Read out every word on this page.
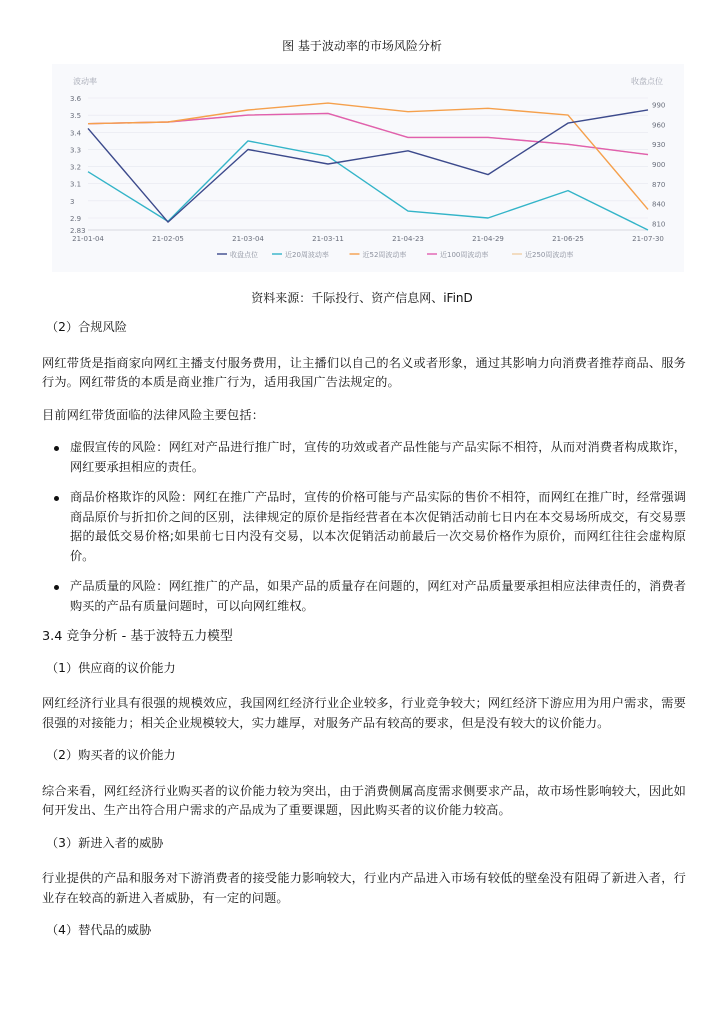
图 基于波动率的市场风险分析
波动率	收盘点位
3.6
3.5
3.4
3.3
3.2
3.1
3
2.9
2.83
990
960
930
900
870
840
810
21-01-04	21-02-05	21-03-04	21-03-11	21-04-23	21-04-29	21-06-25	21-07-30
收盘点位	近20周波动率	近52周波动率	近100周波动率	近250周波动率
资料来源：千际投行、资产信息网、iFinD
（2）合规风险

网红带货是指商家向网红主播支付服务费用，让主播们以自己的名义或者形象，通过其影响力向消费者推荐商品、服务行为。网红带货的本质是商业推广行为，适用我国广告法规定的。

目前网红带货面临的法律风险主要包括：

虚假宣传的风险：网红对产品进行推广时，宣传的功效或者产品性能与产品实际不相符，从而对消费者构成欺诈，网红要承担相应的责任。
商品价格欺诈的风险：网红在推广产品时，宣传的价格可能与产品实际的售价不相符，而网红在推广时，经常强调商品原价与折扣价之间的区别，法律规定的原价是指经营者在本次促销活动前七日内在本交易场所成交，有交易票据的最低交易价格;如果前七日内没有交易，以本次促销活动前最后一次交易价格作为原价，而网红往往会虚构原价。
产品质量的风险：网红推广的产品，如果产品的质量存在问题的，网红对产品质量要承担相应法律责任的，消费者购买的产品有质量问题时，可以向网红维权。
3.4 竞争分析 - 基于波特五力模型
（1）供应商的议价能力

网红经济行业具有很强的规模效应，我国网红经济行业企业较多，行业竞争较大；网红经济下游应用为用户需求，需要很强的对接能力；相关企业规模较大，实力雄厚，对服务产品有较高的要求，但是没有较大的议价能力。

（2）购买者的议价能力

综合来看，网红经济行业购买者的议价能力较为突出，由于消费侧属高度需求侧要求产品，故市场性影响较大，因此如何开发出、生产出符合用户需求的产品成为了重要课题，因此购买者的议价能力较高。

（3）新进入者的威胁

行业提供的产品和服务对下游消费者的接受能力影响较大，行业内产品进入市场有较低的壁垒没有阻碍了新进入者，行业存在较高的新进入者威胁，有一定的问题。

（4）替代品的威胁
